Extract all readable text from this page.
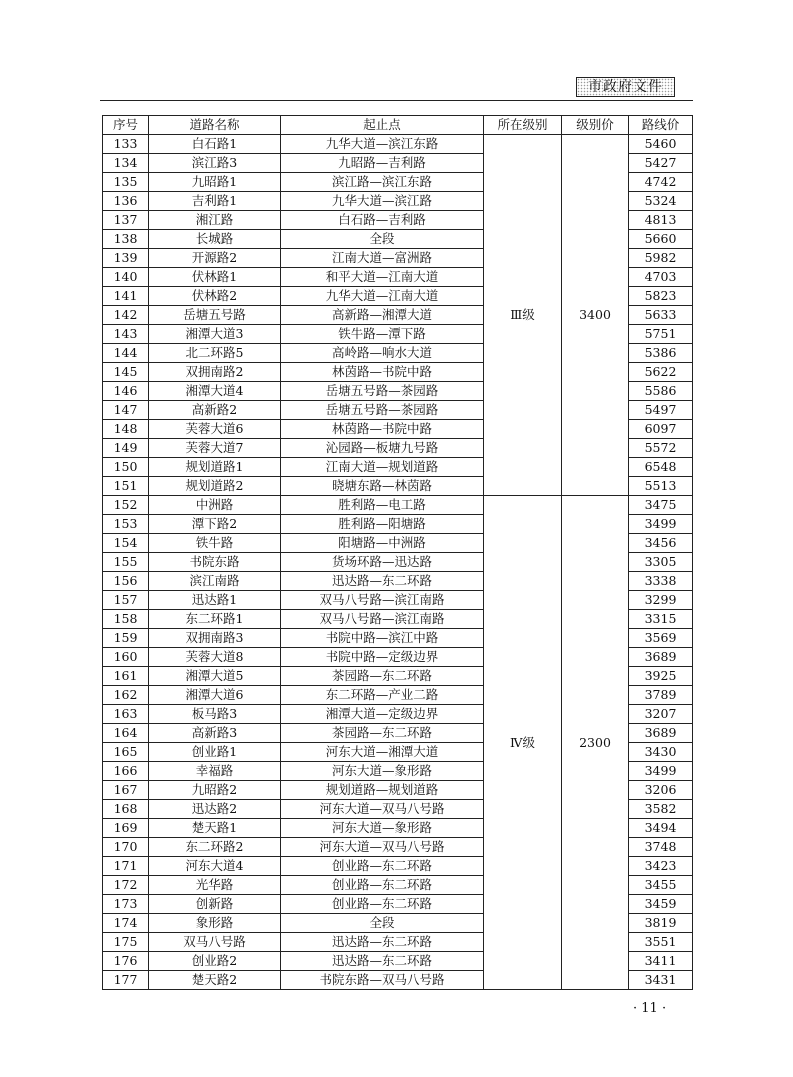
市政府文件
序号	道路名称	起止点	所在级别	级别价	路线价
133	白石路1	九华大道—滨江东路	Ⅲ级	3400	5460
134	滨江路3	九昭路—吉利路			5427
135	九昭路1	滨江路—滨江东路			4742
136	吉利路1	九华大道—滨江路			5324
137	湘江路	白石路—吉利路			4813
138	长城路	全段			5660
139	开源路2	江南大道—富洲路			5982
140	伏林路1	和平大道—江南大道			4703
141	伏林路2	九华大道—江南大道			5823
142	岳塘五号路	高新路—湘潭大道			5633
143	湘潭大道3	铁牛路—潭下路			5751
144	北二环路5	高岭路—响水大道			5386
145	双拥南路2	林茵路—书院中路			5622
146	湘潭大道4	岳塘五号路—茶园路			5586
147	高新路2	岳塘五号路—茶园路			5497
148	芙蓉大道6	林茵路—书院中路			6097
149	芙蓉大道7	沁园路—板塘九号路			5572
150	规划道路1	江南大道—规划道路			6548
151	规划道路2	晓塘东路—林茵路			5513
152	中洲路	胜利路—电工路	Ⅳ级	2300	3475
153	潭下路2	胜利路—阳塘路			3499
154	铁牛路	阳塘路—中洲路			3456
155	书院东路	货场环路—迅达路			3305
156	滨江南路	迅达路—东二环路			3338
157	迅达路1	双马八号路—滨江南路			3299
158	东二环路1	双马八号路—滨江南路			3315
159	双拥南路3	书院中路—滨江中路			3569
160	芙蓉大道8	书院中路—定级边界			3689
161	湘潭大道5	茶园路—东二环路			3925
162	湘潭大道6	东二环路—产业二路			3789
163	板马路3	湘潭大道—定级边界			3207
164	高新路3	茶园路—东二环路			3689
165	创业路1	河东大道—湘潭大道			3430
166	幸福路	河东大道—象形路			3499
167	九昭路2	规划道路—规划道路			3206
168	迅达路2	河东大道—双马八号路			3582
169	楚天路1	河东大道—象形路			3494
170	东二环路2	河东大道—双马八号路			3748
171	河东大道4	创业路—东二环路			3423
172	光华路	创业路—东二环路			3455
173	创新路	创业路—东二环路			3459
174	象形路	全段			3819
175	双马八号路	迅达路—东二环路			3551
176	创业路2	迅达路—东二环路			3411
177	楚天路2	书院东路—双马八号路			3431
· 11 ·
